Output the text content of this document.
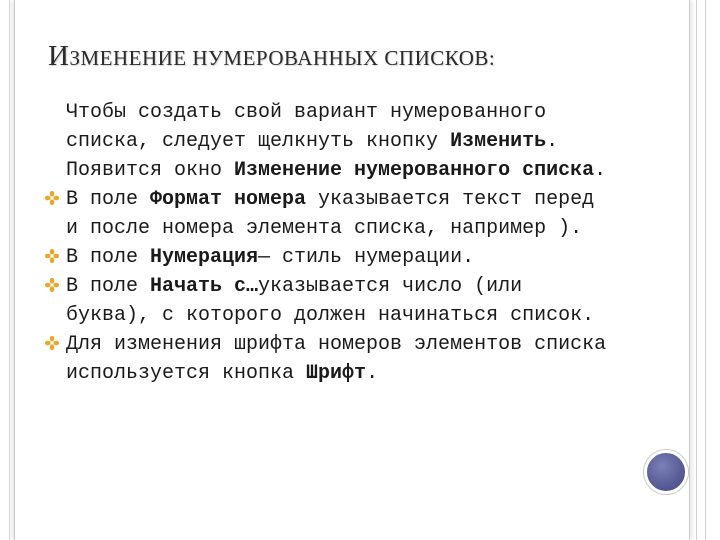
ИЗМЕНЕНИЕ НУМЕРОВАННЫХ СПИСКОВ:

Чтобы создать свой вариант нумерованного списка, следует щелкнуть кнопку Изменить. Появится окно Изменение нумерованного списка.

В поле Формат номера указывается текст перед и после номера элемента списка, например ).

В поле Нумерация— стиль нумерации.

В поле Начать с…указывается число (или буква), с которого должен начинаться список.

Для изменения шрифта номеров элементов списка используется кнопка Шрифт.
